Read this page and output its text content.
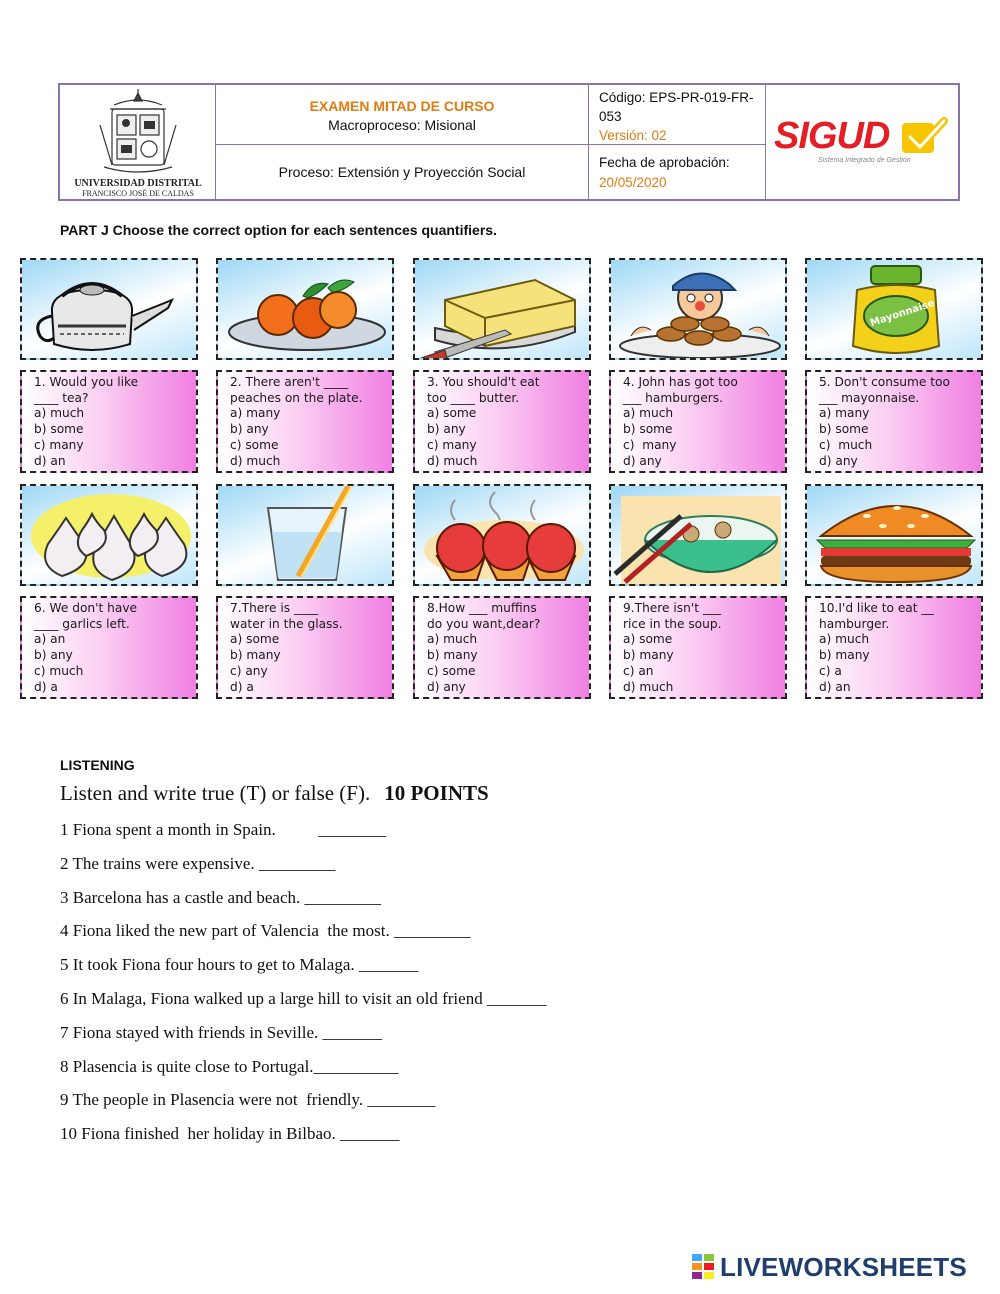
UNIVERSIDAD DISTRITAL
FRANCISCO JOSÉ DE CALDAS
EXAMEN MITAD DE CURSO
Macroproceso: Misional
Proceso: Extensión y Proyección Social
Código: EPS-PR-019-FR-
053
Versión: 02
Fecha de aprobación:
20/05/2020
SIGUD
Sistema Integrado de Gestión
PART J Choose the correct option for each sentences quantifiers.
1. Would you like
____ tea?
a) much
b) some
c) many
d) an
2. There aren't ____
peaches on the plate.
a) many
b) any
c) some
d) much
3. You should't eat
too ____ butter.
a) some
b) any
c) many
d) much
4. John has got too
___ hamburgers.
a) much
b) some
c)  many
d) any
Mayonnaise
5. Don't consume too
___ mayonnaise.
a) many
b) some
c)  much
d) any
6. We don't have
____ garlics left.
a) an
b) any
c) much
d) a
7.There is ____
water in the glass.
a) some
b) many
c) any
d) a
8.How ___ muffins
do you want,dear?
a) much
b) many
c) some
d) any
9.There isn't ___
rice in the soup.
a) some
b) many
c) an
d) much
10.I'd like to eat __
hamburger.
a) much
b) many
c) a
d) an
LISTENING
Listen and write true (T) or false (F). 10 POINTS
1 Fiona spent a month in Spain.          ________
2 The trains were expensive. _________
3 Barcelona has a castle and beach. _________
4 Fiona liked the new part of Valencia  the most. _________
5 It took Fiona four hours to get to Malaga. _______
6 In Malaga, Fiona walked up a large hill to visit an old friend _______
7 Fiona stayed with friends in Seville. _______
8 Plasencia is quite close to Portugal.__________
9 The people in Plasencia were not  friendly. ________
10 Fiona finished  her holiday in Bilbao. _______
LIVEWORKSHEETS
